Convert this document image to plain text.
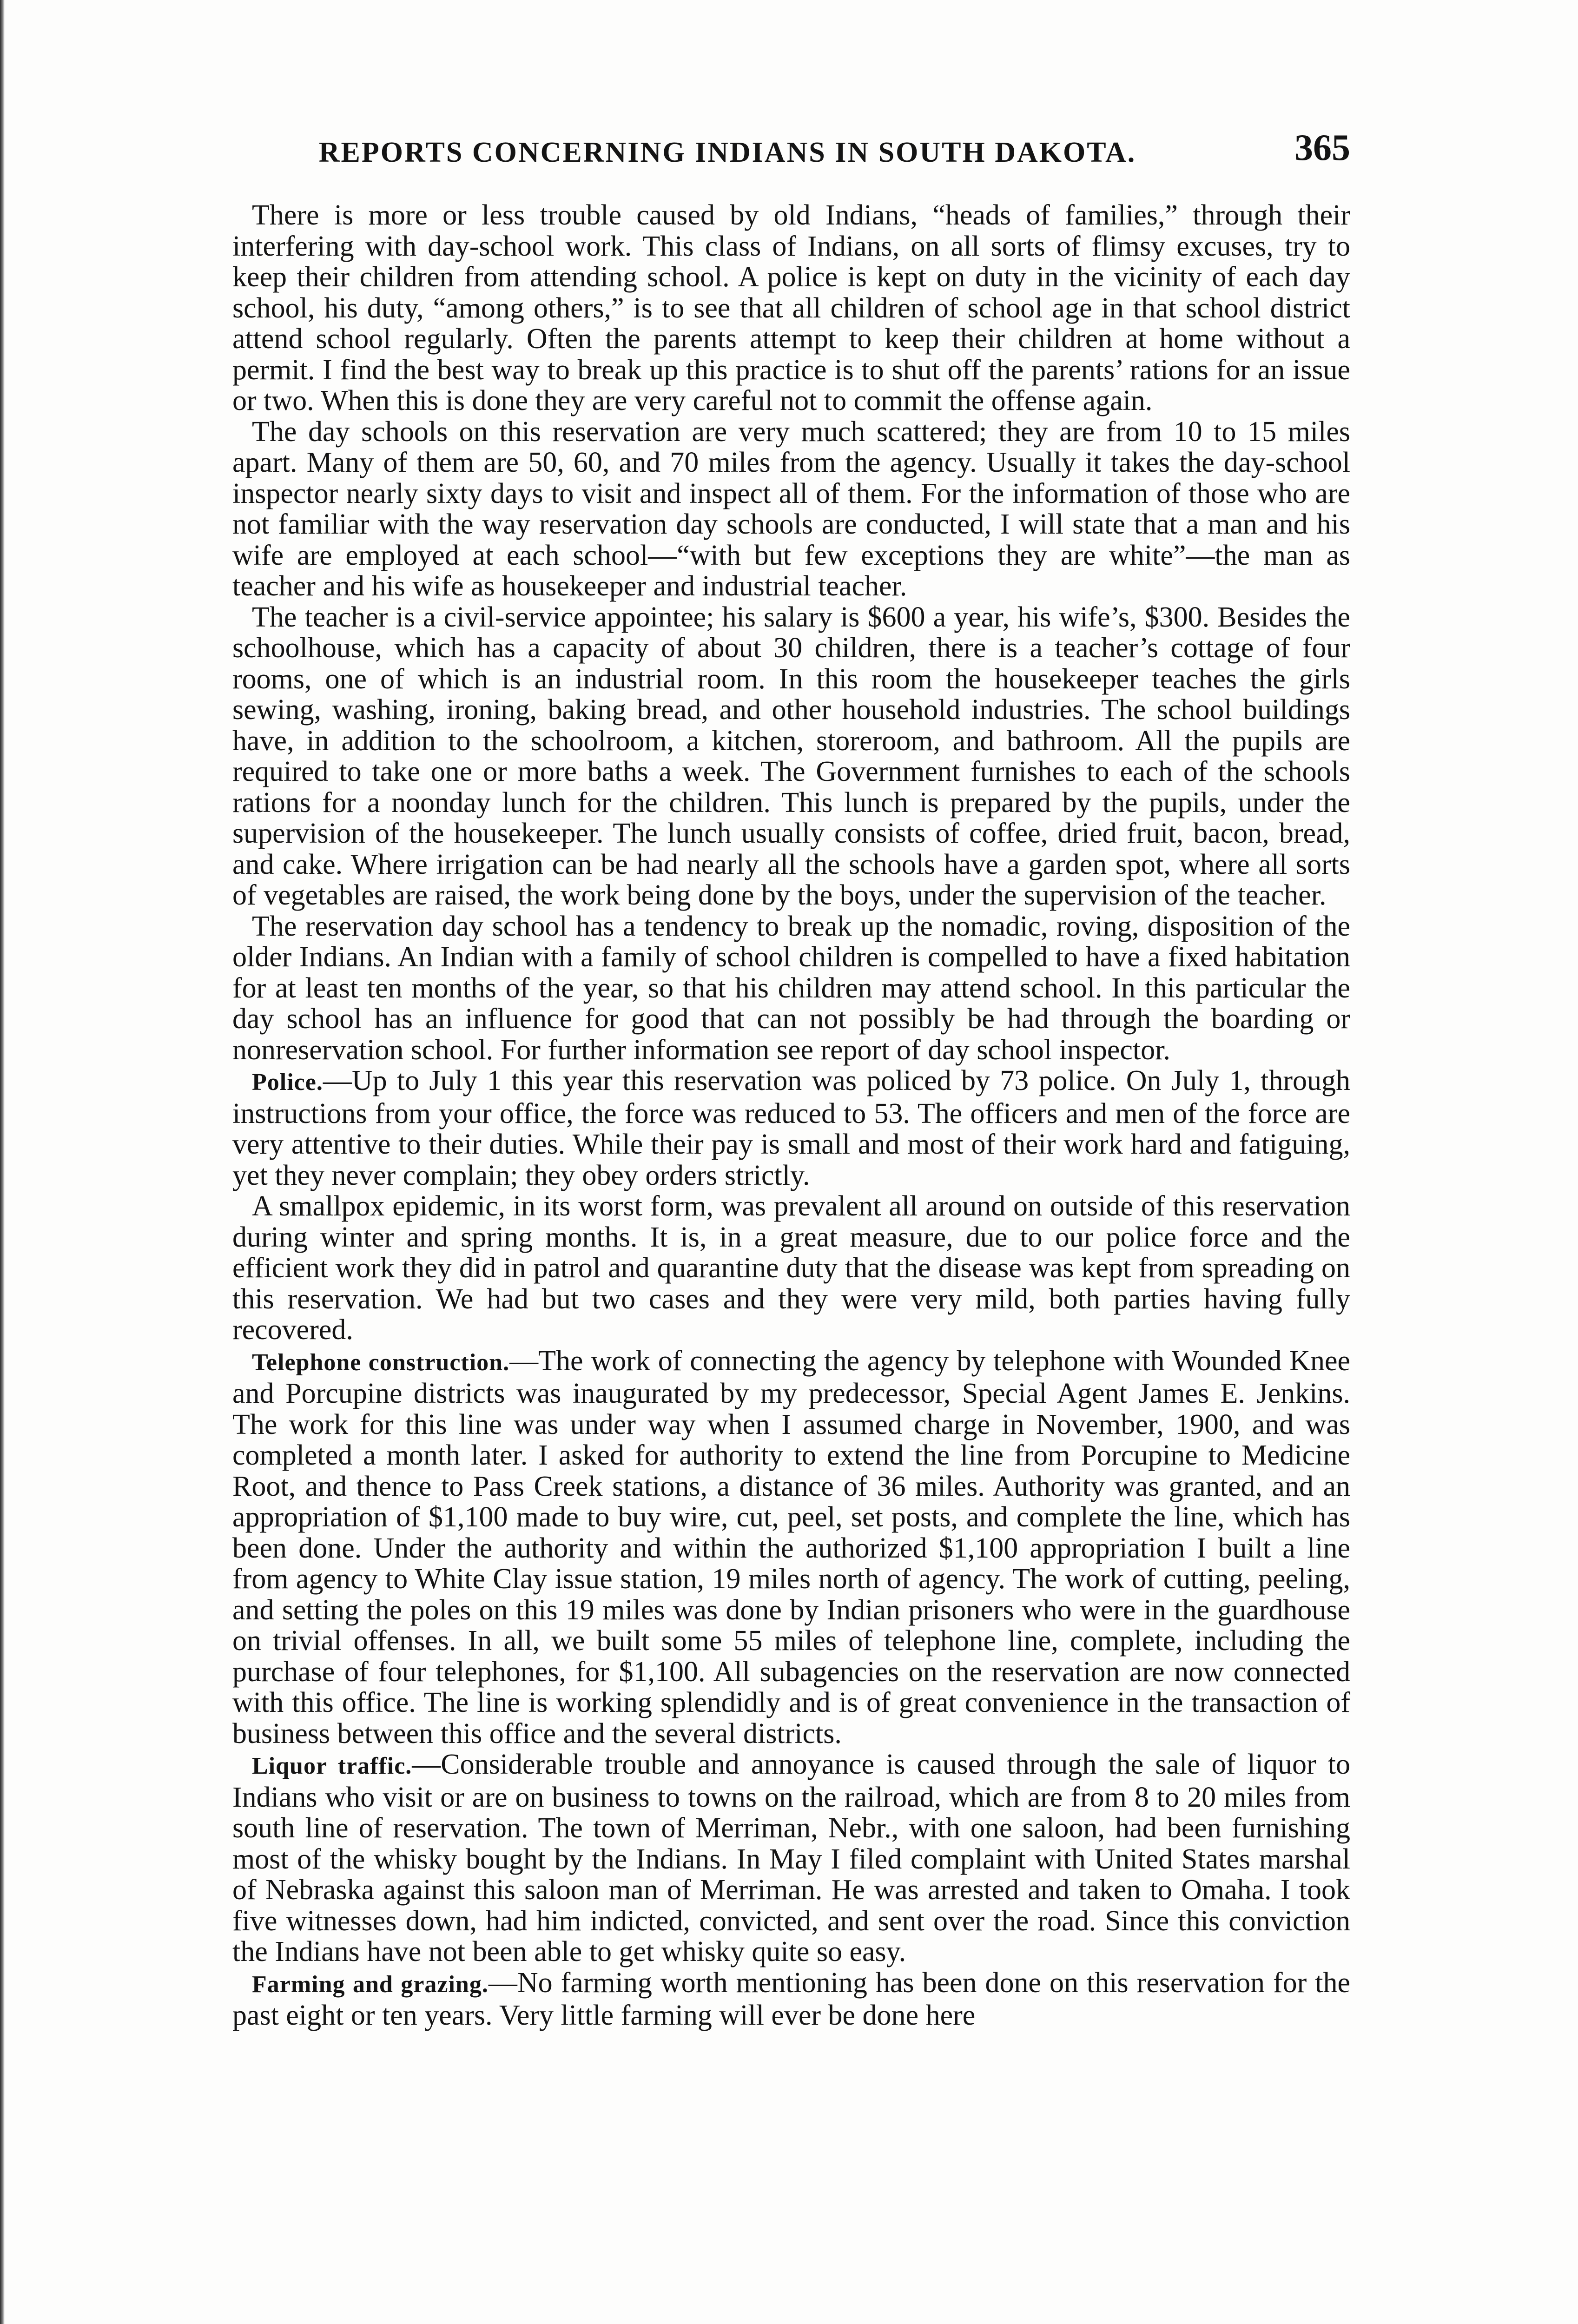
REPORTS CONCERNING INDIANS IN SOUTH DAKOTA.	365

There is more or less trouble caused by old Indians, “heads of families,” through their interfering with day-school work. This class of Indians, on all sorts of flimsy excuses, try to keep their children from attending school. A police is kept on duty in the vicinity of each day school, his duty, “among others,” is to see that all children of school age in that school district attend school regularly. Often the parents attempt to keep their children at home without a permit. I find the best way to break up this practice is to shut off the parents’ rations for an issue or two. When this is done they are very careful not to commit the offense again.

The day schools on this reservation are very much scattered; they are from 10 to 15 miles apart. Many of them are 50, 60, and 70 miles from the agency. Usually it takes the day-school inspector nearly sixty days to visit and inspect all of them. For the information of those who are not familiar with the way reservation day schools are conducted, I will state that a man and his wife are employed at each school—“with but few exceptions they are white”—the man as teacher and his wife as housekeeper and industrial teacher.

The teacher is a civil-service appointee; his salary is $600 a year, his wife’s, $300. Besides the schoolhouse, which has a capacity of about 30 children, there is a teacher’s cottage of four rooms, one of which is an industrial room. In this room the housekeeper teaches the girls sewing, washing, ironing, baking bread, and other household industries. The school buildings have, in addition to the schoolroom, a kitchen, storeroom, and bathroom. All the pupils are required to take one or more baths a week. The Government furnishes to each of the schools rations for a noonday lunch for the children. This lunch is prepared by the pupils, under the supervision of the housekeeper. The lunch usually consists of coffee, dried fruit, bacon, bread, and cake. Where irrigation can be had nearly all the schools have a garden spot, where all sorts of vegetables are raised, the work being done by the boys, under the supervision of the teacher.

The reservation day school has a tendency to break up the nomadic, roving, disposition of the older Indians. An Indian with a family of school children is compelled to have a fixed habitation for at least ten months of the year, so that his children may attend school. In this particular the day school has an influence for good that can not possibly be had through the boarding or nonreservation school. For further information see report of day school inspector.

Police.—Up to July 1 this year this reservation was policed by 73 police. On July 1, through instructions from your office, the force was reduced to 53. The officers and men of the force are very attentive to their duties. While their pay is small and most of their work hard and fatiguing, yet they never complain; they obey orders strictly.

A smallpox epidemic, in its worst form, was prevalent all around on outside of this reservation during winter and spring months. It is, in a great measure, due to our police force and the efficient work they did in patrol and quarantine duty that the disease was kept from spreading on this reservation. We had but two cases and they were very mild, both parties having fully recovered.

Telephone construction.—The work of connecting the agency by telephone with Wounded Knee and Porcupine districts was inaugurated by my predecessor, Special Agent James E. Jenkins. The work for this line was under way when I assumed charge in November, 1900, and was completed a month later. I asked for authority to extend the line from Porcupine to Medicine Root, and thence to Pass Creek stations, a distance of 36 miles. Authority was granted, and an appropriation of $1,100 made to buy wire, cut, peel, set posts, and complete the line, which has been done. Under the authority and within the authorized $1,100 appropriation I built a line from agency to White Clay issue station, 19 miles north of agency. The work of cutting, peeling, and setting the poles on this 19 miles was done by Indian prisoners who were in the guardhouse on trivial offenses. In all, we built some 55 miles of telephone line, complete, including the purchase of four telephones, for $1,100. All subagencies on the reservation are now connected with this office. The line is working splendidly and is of great convenience in the transaction of business between this office and the several districts.

Liquor traffic.—Considerable trouble and annoyance is caused through the sale of liquor to Indians who visit or are on business to towns on the railroad, which are from 8 to 20 miles from south line of reservation. The town of Merriman, Nebr., with one saloon, had been furnishing most of the whisky bought by the Indians. In May I filed complaint with United States marshal of Nebraska against this saloon man of Merriman. He was arrested and taken to Omaha. I took five witnesses down, had him indicted, convicted, and sent over the road. Since this conviction the Indians have not been able to get whisky quite so easy.

Farming and grazing.—No farming worth mentioning has been done on this reservation for the past eight or ten years. Very little farming will ever be done here
